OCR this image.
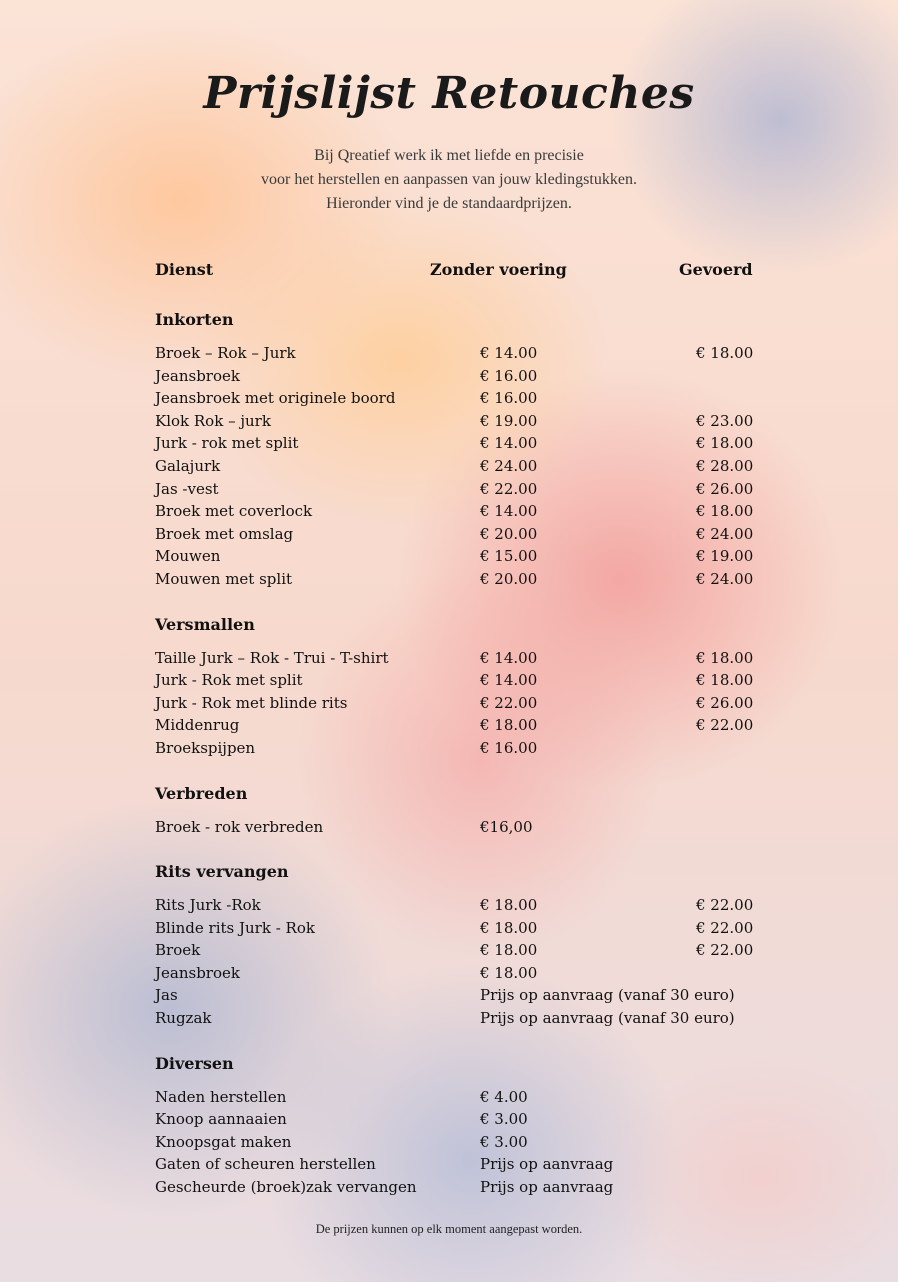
Prijslijst Retouches
Bij Qreatief werk ik met liefde en precisie
voor het herstellen en aanpassen van jouw kledingstukken.
Hieronder vind je de standaardprijzen.
Dienst	Zonder voering	Gevoerd
Inkorten
Broek – Rok – Jurk	€ 14.00	€ 18.00
Jeansbroek	€ 16.00
Jeansbroek met originele boord	€ 16.00
Klok Rok – jurk	€ 19.00	€ 23.00
Jurk - rok met split	€ 14.00	€ 18.00
Galajurk	€ 24.00	€ 28.00
Jas -vest	€ 22.00	€ 26.00
Broek met coverlock	€ 14.00	€ 18.00
Broek met omslag	€ 20.00	€ 24.00
Mouwen	€ 15.00	€ 19.00
Mouwen met split	€ 20.00	€ 24.00
Versmallen
Taille Jurk – Rok - Trui - T-shirt	€ 14.00	€ 18.00
Jurk - Rok met split	€ 14.00	€ 18.00
Jurk - Rok met blinde rits	€ 22.00	€ 26.00
Middenrug	€ 18.00	€ 22.00
Broekspijpen	€ 16.00
Verbreden
Broek - rok verbreden	€16,00
Rits vervangen
Rits Jurk -Rok	€ 18.00	€ 22.00
Blinde rits Jurk - Rok	€ 18.00	€ 22.00
Broek	€ 18.00	€ 22.00
Jeansbroek	€ 18.00
Jas	Prijs op aanvraag (vanaf 30 euro)
Rugzak	Prijs op aanvraag (vanaf 30 euro)
Diversen
Naden herstellen	€ 4.00
Knoop aannaaien	€ 3.00
Knoopsgat maken	€ 3.00
Gaten of scheuren herstellen	Prijs op aanvraag
Gescheurde (broek)zak vervangen	Prijs op aanvraag
De prijzen kunnen op elk moment aangepast worden.
